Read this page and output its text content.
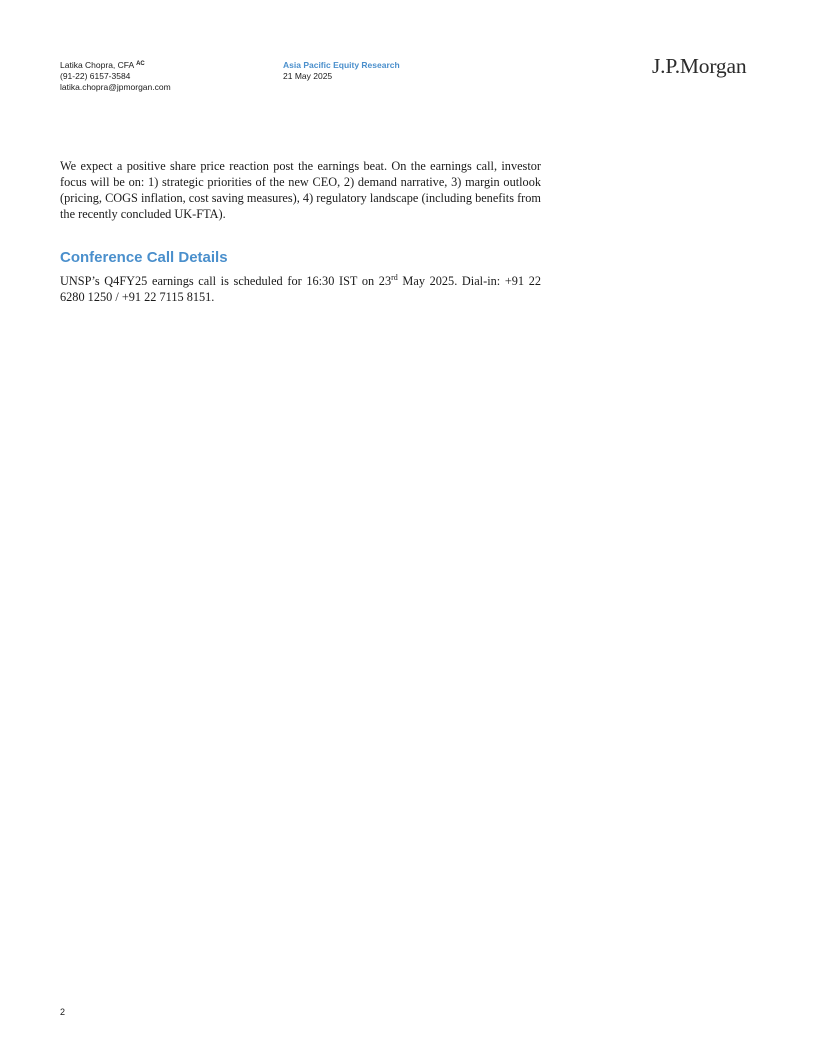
Latika Chopra, CFA $^{AC}$
(91-22) 6157-3584
latika.chopra@jpmorgan.com
Asia Pacific Equity Research
21 May 2025	J.P.Morgan
We expect a positive share price reaction post the earnings beat. On the earnings call, investor focus will be on: 1) strategic priorities of the new CEO, 2) demand narrative, 3) margin outlook (pricing, COGS inflation, cost saving measures), 4) regulatory landscape (including benefits from the recently concluded UK-FTA).
Conference Call Details
UNSP’s Q4FY25 earnings call is scheduled for 16:30 IST on 23rd May 2025. Dial-in: +91 22 6280 1250 / +91 22 7115 8151.
2
